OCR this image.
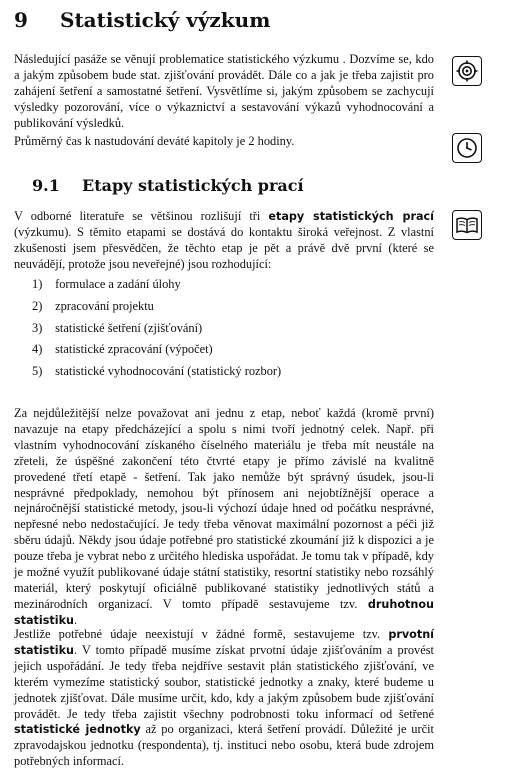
9 Statistický výzkum
Následující pasáže se věnují problematice statistického výzkumu . Dozvíme se, kdo a jakým způsobem bude stat. zjišťování provádět. Dále co a jak je třeba zajistit pro zahájení šetření a samostatné šetření. Vysvětlíme si, jakým způsobem se zachycují výsledky pozorování, více o výkaznictví a sestavování výkazů vyhodnocování a publikování výsledků.
Průměrný čas k nastudování deváté kapitoly je 2 hodiny.
9.1 Etapy statistických prací
V odborné literatuře se většinou rozlišují tři etapy statistických prací (výzkumu). S těmito etapami se dostává do kontaktu široká veřejnost. Z vlastní zkušenosti jsem přesvědčen, že těchto etap je pět a právě dvě první (které se neuvádějí, protože jsou neveřejné) jsou rozhodující:
1) formulace a zadání úlohy
2) zpracování projektu
3) statistické šetření (zjišťování)
4) statistické zpracování (výpočet)
5) statistické vyhodnocování (statistický rozbor)
Za nejdůležitější nelze považovat ani jednu z etap, neboť každá (kromě první) navazuje na etapy předcházející a spolu s nimi tvoří jednotný celek. Např. při vlastním vyhodnocování získaného číselného materiálu je třeba mít neustále na zřeteli, že úspěšné zakončení této čtvrté etapy je přímo závislé na kvalitně provedené třetí etapě - šetření. Tak jako nemůže být správný úsudek, jsou-li nesprávné předpoklady, nemohou být přínosem ani nejobtížnější operace a nejnáročnější statistické metody, jsou-li výchozí údaje hned od počátku nesprávné, nepřesné nebo nedostačující. Je tedy třeba věnovat maximální pozornost a péči již sběru údajů. Někdy jsou údaje potřebné pro statistické zkoumání již k dispozici a je pouze třeba je vybrat nebo z určitého hlediska uspořádat. Je tomu tak v případě, kdy je možné využít publikované údaje státní statistiky, resortní statistiky nebo rozsáhlý materiál, který poskytují oficiálně publikované statistiky jednotlivých států a mezinárodních organizací. V tomto případě sestavujeme tzv. druhotnou statistiku.
Jestliže potřebné údaje neexistují v žádné formě, sestavujeme tzv. prvotní statistiku. V tomto případě musíme získat prvotní údaje zjišťováním a provést jejich uspořádání. Je tedy třeba nejdříve sestavit plán statistického zjišťování, ve kterém vymezíme statistický soubor, statistické jednotky a znaky, které budeme u jednotek zjišťovat. Dále musíme určit, kdo, kdy a jakým způsobem bude zjišťování provádět. Je tedy třeba zajistit všechny podrobnosti toku informací od šetřené statistické jednotky až po organizaci, která šetření provádí. Důležité je určit zpravodajskou jednotku (respondenta), tj. instituci nebo osobu, která bude zdrojem potřebných informací.
